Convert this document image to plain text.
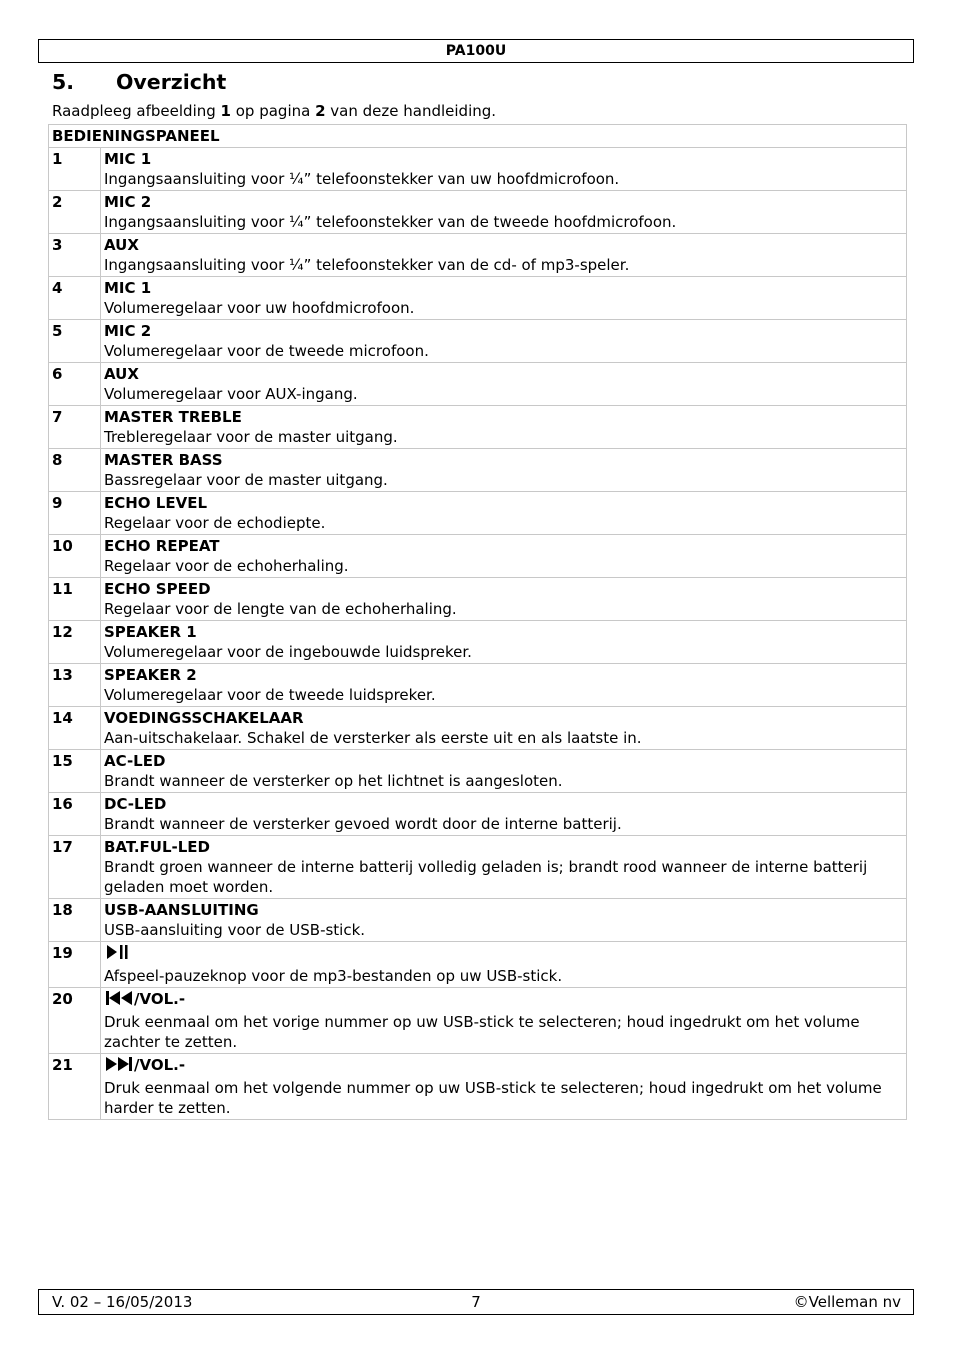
PA100U
5. Overzicht
Raadpleeg afbeelding 1 op pagina 2 van deze handleiding.
BEDIENINGSPANEEL	
1	MIC 1
Ingangsaansluiting voor ¼” telefoonstekker van uw hoofdmicrofoon.

2	MIC 2
Ingangsaansluiting voor ¼” telefoonstekker van de tweede hoofdmicrofoon.

3	AUX
Ingangsaansluiting voor ¼” telefoonstekker van de cd- of mp3-speler.

4	MIC 1
Volumeregelaar voor uw hoofdmicrofoon.

5	MIC 2
Volumeregelaar voor de tweede microfoon.

6	AUX
Volumeregelaar voor AUX-ingang.

7	MASTER TREBLE
Trebleregelaar voor de master uitgang.

8	MASTER BASS
Bassregelaar voor de master uitgang.

9	ECHO LEVEL
Regelaar voor de echodiepte.

10	ECHO REPEAT
Regelaar voor de echoherhaling.

11	ECHO SPEED
Regelaar voor de lengte van de echoherhaling.

12	SPEAKER 1
Volumeregelaar voor de ingebouwde luidspreker.

13	SPEAKER 2
Volumeregelaar voor de tweede luidspreker.

14	VOEDINGSSCHAKELAAR
Aan-uitschakelaar. Schakel de versterker als eerste uit en als laatste in.

15	AC-LED
Brandt wanneer de versterker op het lichtnet is aangesloten.

16	DC-LED
Brandt wanneer de versterker gevoed wordt door de interne batterij.

17	BAT.FUL-LED
Brandt groen wanneer de interne batterij volledig geladen is; brandt rood wanneer de interne batterij geladen moet worden.

18	USB-AANSLUITING
USB-aansluiting voor de USB-stick.

19	Afspeel-pauzeknop voor de mp3-bestanden op uw USB-stick.

20	/VOL.-
Druk eenmaal om het vorige nummer op uw USB-stick te selecteren; houd ingedrukt om het volume zachter te zetten.

21	/VOL.-
Druk eenmaal om het volgende nummer op uw USB-stick te selecteren; houd ingedrukt om het volume harder te zetten.
V. 02 – 16/05/2013	7	©Velleman nv
